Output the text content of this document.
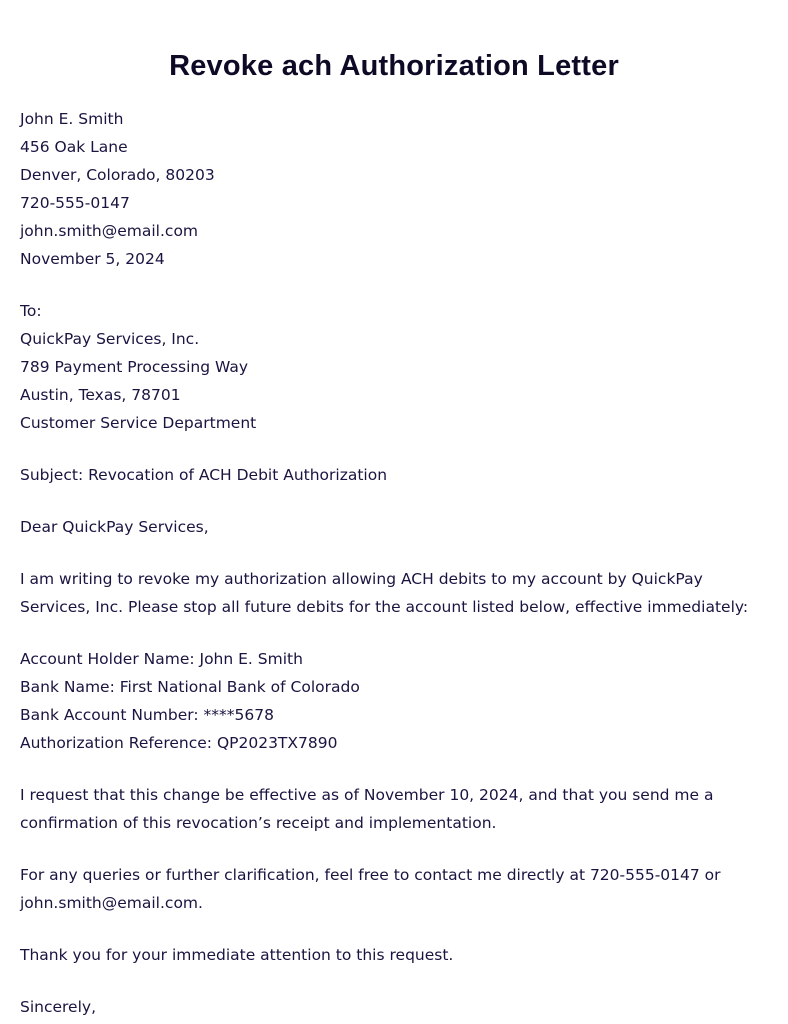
Revoke ach Authorization Letter
John E. Smith
456 Oak Lane
Denver, Colorado, 80203
720-555-0147
john.smith@email.com
November 5, 2024
To:
QuickPay Services, Inc.
789 Payment Processing Way
Austin, Texas, 78701
Customer Service Department
Subject: Revocation of ACH Debit Authorization
Dear QuickPay Services,

I am writing to revoke my authorization allowing ACH debits to my account by QuickPay Services, Inc. Please stop all future debits for the account listed below, effective immediately:

Account Holder Name: John E. Smith
Bank Name: First National Bank of Colorado
Bank Account Number: ****5678
Authorization Reference: QP2023TX7890

I request that this change be effective as of November 10, 2024, and that you send me a confirmation of this revocation’s receipt and implementation.

For any queries or further clarification, feel free to contact me directly at 720-555-0147 or john.smith@email.com.

Thank you for your immediate attention to this request.
Sincerely,
